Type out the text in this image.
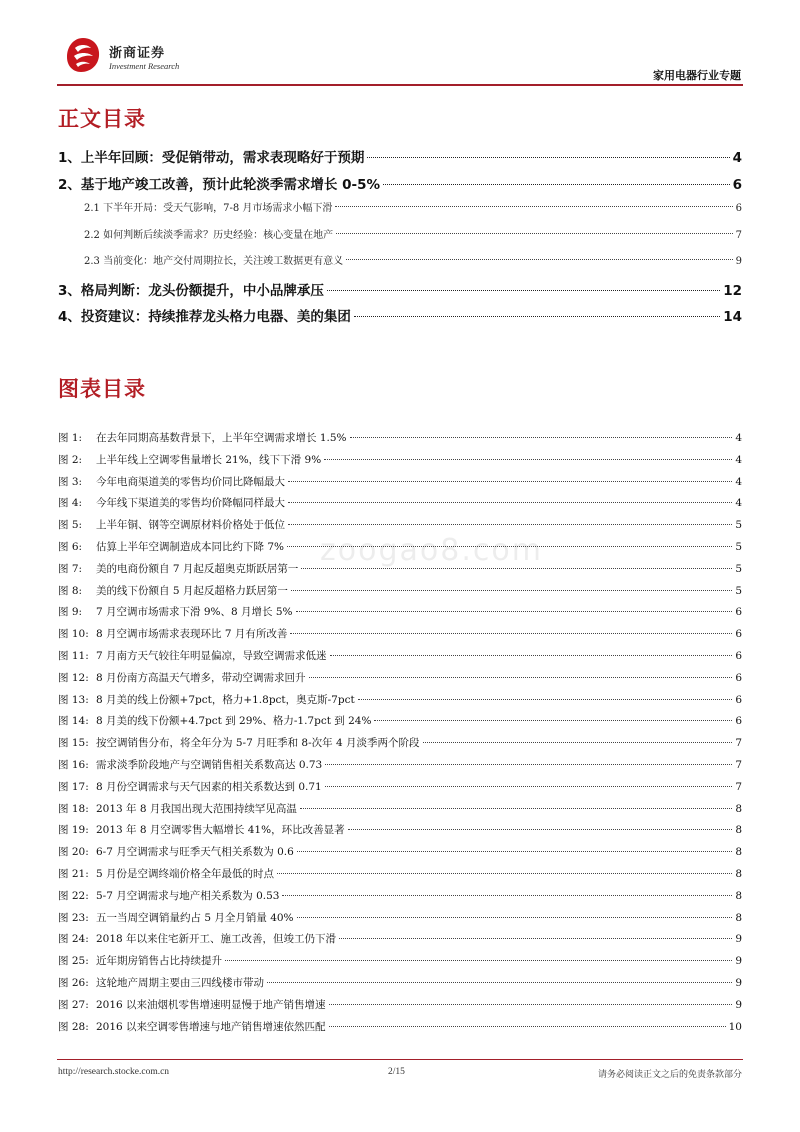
浙商证券
Investment Research
家用电器行业专题
正文目录
1、上半年回顾：受促销带动，需求表现略好于预期	4
2、基于地产竣工改善，预计此轮淡季需求增长 0-5%	6
2.1 下半年开局：受天气影响，7-8 月市场需求小幅下滑	6
2.2 如何判断后续淡季需求？历史经验：核心变量在地产	7
2.3 当前变化：地产交付周期拉长，关注竣工数据更有意义	9
3、格局判断：龙头份额提升，中小品牌承压	12
4、投资建议：持续推荐龙头格力电器、美的集团	14
图表目录
zoogao8.com
图 1: 在去年同期高基数背景下，上半年空调需求增长 1.5%	4
图 2: 上半年线上空调零售量增长 21%，线下下滑 9%	4
图 3: 今年电商渠道美的零售均价同比降幅最大	4
图 4: 今年线下渠道美的零售均价降幅同样最大	4
图 5: 上半年铜、钢等空调原材料价格处于低位	5
图 6: 估算上半年空调制造成本同比约下降 7%	5
图 7: 美的电商份额自 7 月起反超奥克斯跃居第一	5
图 8: 美的线下份额自 5 月起反超格力跃居第一	5
图 9: 7 月空调市场需求下滑 9%、8 月增长 5%	6
图 10: 8 月空调市场需求表现环比 7 月有所改善	6
图 11: 7 月南方天气较往年明显偏凉，导致空调需求低迷	6
图 12: 8 月份南方高温天气增多，带动空调需求回升	6
图 13: 8 月美的线上份额+7pct，格力+1.8pct，奥克斯-7pct	6
图 14: 8 月美的线下份额+4.7pct 到 29%、格力-1.7pct 到 24%	6
图 15: 按空调销售分布，将全年分为 5-7 月旺季和 8-次年 4 月淡季两个阶段	7
图 16: 需求淡季阶段地产与空调销售相关系数高达 0.73	7
图 17: 8 月份空调需求与天气因素的相关系数达到 0.71	7
图 18: 2013 年 8 月我国出现大范围持续罕见高温	8
图 19: 2013 年 8 月空调零售大幅增长 41%，环比改善显著	8
图 20: 6-7 月空调需求与旺季天气相关系数为 0.6	8
图 21: 5 月份是空调终端价格全年最低的时点	8
图 22: 5-7 月空调需求与地产相关系数为 0.53	8
图 23: 五一当周空调销量约占 5 月全月销量 40%	8
图 24: 2018 年以来住宅新开工、施工改善，但竣工仍下滑	9
图 25: 近年期房销售占比持续提升	9
图 26: 这轮地产周期主要由三四线楼市带动	9
图 27: 2016 以来油烟机零售增速明显慢于地产销售增速	9
图 28: 2016 以来空调零售增速与地产销售增速依然匹配	10
http://research.stocke.com.cn	2/15	请务必阅读正文之后的免责条款部分
